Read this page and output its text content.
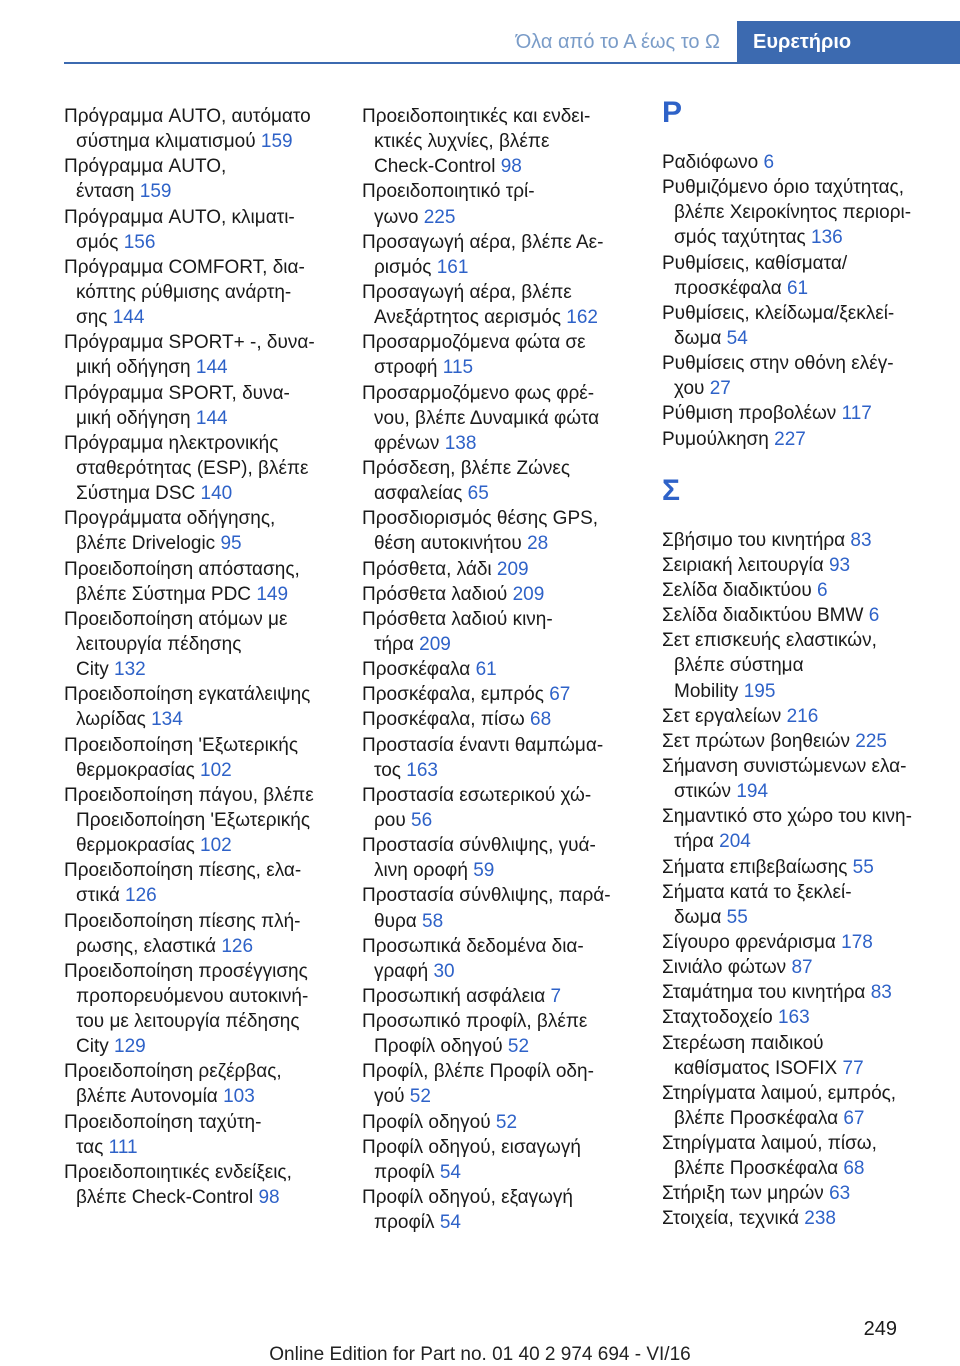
Όλα από το Α έως το Ω	Ευρετήριο
Πρόγραμμα AUTO, αυτόματο
σύστημα κλιματισμού 159
Πρόγραμμα AUTO,
ένταση 159
Πρόγραμμα AUTO, κλιματι‐
σμός 156
Πρόγραμμα COMFORT, δια‐
κόπτης ρύθμισης ανάρτη‐
σης 144
Πρόγραμμα SPORT+ -, δυνα‐
μική οδήγηση 144
Πρόγραμμα SPORT, δυνα‐
μική οδήγηση 144
Πρόγραμμα ηλεκτρονικής
σταθερότητας (ESP), βλέπε
Σύστημα DSC 140
Προγράμματα οδήγησης,
βλέπε Drivelogic 95
Προειδοποίηση απόστασης,
βλέπε Σύστημα PDC 149
Προειδοποίηση ατόμων με
λειτουργία πέδησης
City 132
Προειδοποίηση εγκατάλειψης
λωρίδας 134
Προειδοποίηση 'Εξωτερικής
θερμοκρασίας 102
Προειδοποίηση πάγου, βλέπε
Προειδοποίηση 'Εξωτερικής
θερμοκρασίας 102
Προειδοποίηση πίεσης, ελα‐
στικά 126
Προειδοποίηση πίεσης πλή‐
ρωσης, ελαστικά 126
Προειδοποίηση προσέγγισης
προπορευόμενου αυτοκινή‐
του με λειτουργία πέδησης
City 129
Προειδοποίηση ρεζέρβας,
βλέπε Αυτονομία 103
Προειδοποίηση ταχύτη‐
τας 111
Προειδοποιητικές ενδείξεις,
βλέπε Check-Control 98
Προειδοποιητικές και ενδει‐
κτικές λυχνίες, βλέπε
Check-Control 98
Προειδοποιητικό τρί‐
γωνο 225
Προσαγωγή αέρα, βλέπε Αε‐
ρισμός 161
Προσαγωγή αέρα, βλέπε
Ανεξάρτητος αερισμός 162
Προσαρμοζόμενα φώτα σε
στροφή 115
Προσαρμοζόμενο φως φρέ‐
νου, βλέπε Δυναμικά φώτα
φρένων 138
Πρόσδεση, βλέπε Ζώνες
ασφαλείας 65
Προσδιορισμός θέσης GPS,
θέση αυτοκινήτου 28
Πρόσθετα, λάδι 209
Πρόσθετα λαδιού 209
Πρόσθετα λαδιού κινη‐
τήρα 209
Προσκέφαλα 61
Προσκέφαλα, εμπρός 67
Προσκέφαλα, πίσω 68
Προστασία έναντι θαμπώμα‐
τος 163
Προστασία εσωτερικού χώ‐
ρου 56
Προστασία σύνθλιψης, γυά‐
λινη οροφή 59
Προστασία σύνθλιψης, παρά‐
θυρα 58
Προσωπικά δεδομένα δια‐
γραφή 30
Προσωπική ασφάλεια 7
Προσωπικό προφίλ, βλέπε
Προφίλ οδηγού 52
Προφίλ, βλέπε Προφίλ οδη‐
γού 52
Προφίλ οδηγού 52
Προφίλ οδηγού, εισαγωγή
προφίλ 54
Προφίλ οδηγού, εξαγωγή
προφίλ 54
Ρ
Ραδιόφωνο 6
Ρυθμιζόμενο όριο ταχύτητας,
βλέπε Χειροκίνητος περιορι‐
σμός ταχύτητας 136
Ρυθμίσεις, καθίσματα/
προσκέφαλα 61
Ρυθμίσεις, κλείδωμα/ξεκλεί‐
δωμα 54
Ρυθμίσεις στην οθόνη ελέγ‐
χου 27
Ρύθμιση προβολέων 117
Ρυμούλκηση 227
Σ
Σβήσιμο του κινητήρα 83
Σειριακή λειτουργία 93
Σελίδα διαδικτύου 6
Σελίδα διαδικτύου BMW 6
Σετ επισκευής ελαστικών,
βλέπε σύστημα
Mobility 195
Σετ εργαλείων 216
Σετ πρώτων βοηθειών 225
Σήμανση συνιστώμενων ελα‐
στικών 194
Σημαντικό στο χώρο του κινη‐
τήρα 204
Σήματα επιβεβαίωσης 55
Σήματα κατά το ξεκλεί‐
δωμα 55
Σίγουρο φρενάρισμα 178
Σινιάλο φώτων 87
Σταμάτημα του κινητήρα 83
Σταχτοδοχείο 163
Στερέωση παιδικού
καθίσματος ISOFIX 77
Στηρίγματα λαιμού, εμπρός,
βλέπε Προσκέφαλα 67
Στηρίγματα λαιμού, πίσω,
βλέπε Προσκέφαλα 68
Στήριξη των μηρών 63
Στοιχεία, τεχνικά 238
249
Online Edition for Part no. 01 40 2 974 694 - VI/16
